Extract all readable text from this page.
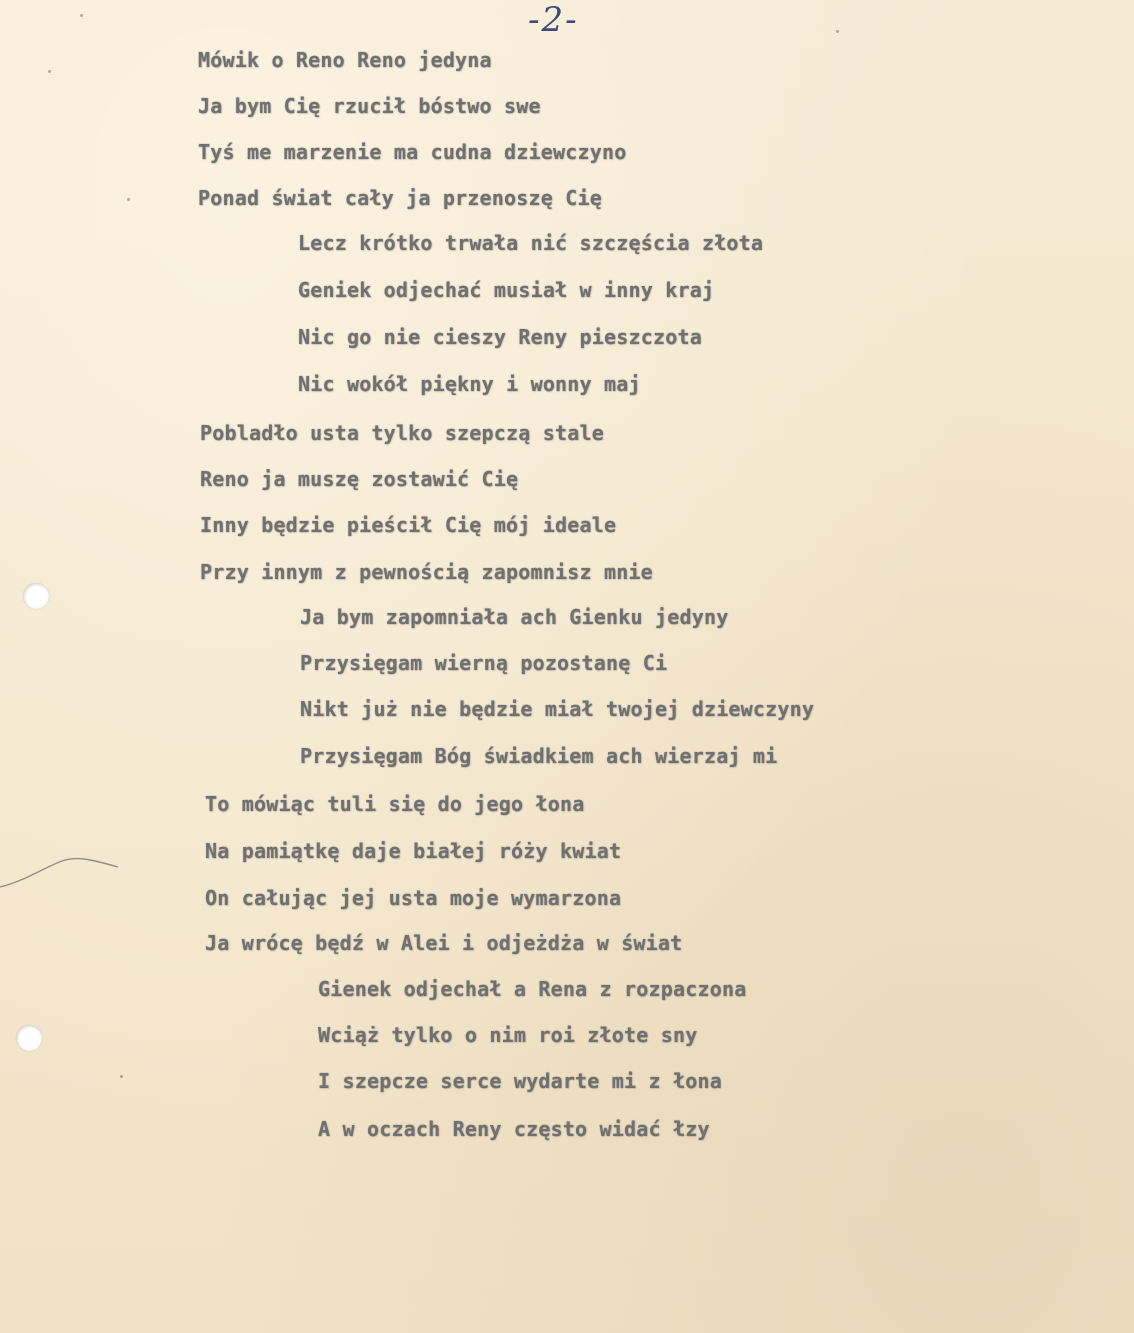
-2-
Mówik o Reno Reno jedyna
Ja bym Cię rzucił bóstwo swe
Tyś me marzenie ma cudna dziewczyno
Ponad świat cały ja przenoszę Cię
Lecz krótko trwała nić szczęścia złota
Geniek odjechać musiał w inny kraj
Nic go nie cieszy Reny pieszczota
Nic wokół piękny i wonny maj
Pobladło usta tylko szepczą stale
Reno ja muszę zostawić Cię
Inny będzie pieścił Cię mój ideale
Przy innym z pewnością zapomnisz mnie
Ja bym zapomniała ach Gienku jedyny
Przysięgam wierną pozostanę Ci
Nikt już nie będzie miał twojej dziewczyny
Przysięgam Bóg świadkiem ach wierzaj mi
To mówiąc tuli się do jego łona
Na pamiątkę daje białej róży kwiat
On całując jej usta moje wymarzona
Ja wrócę będź w Alei i odjeżdża w świat
Gienek odjechał a Rena z rozpaczona
Wciąż tylko o nim roi złote sny
I szepcze serce wydarte mi z łona
A w oczach Reny często widać łzy
